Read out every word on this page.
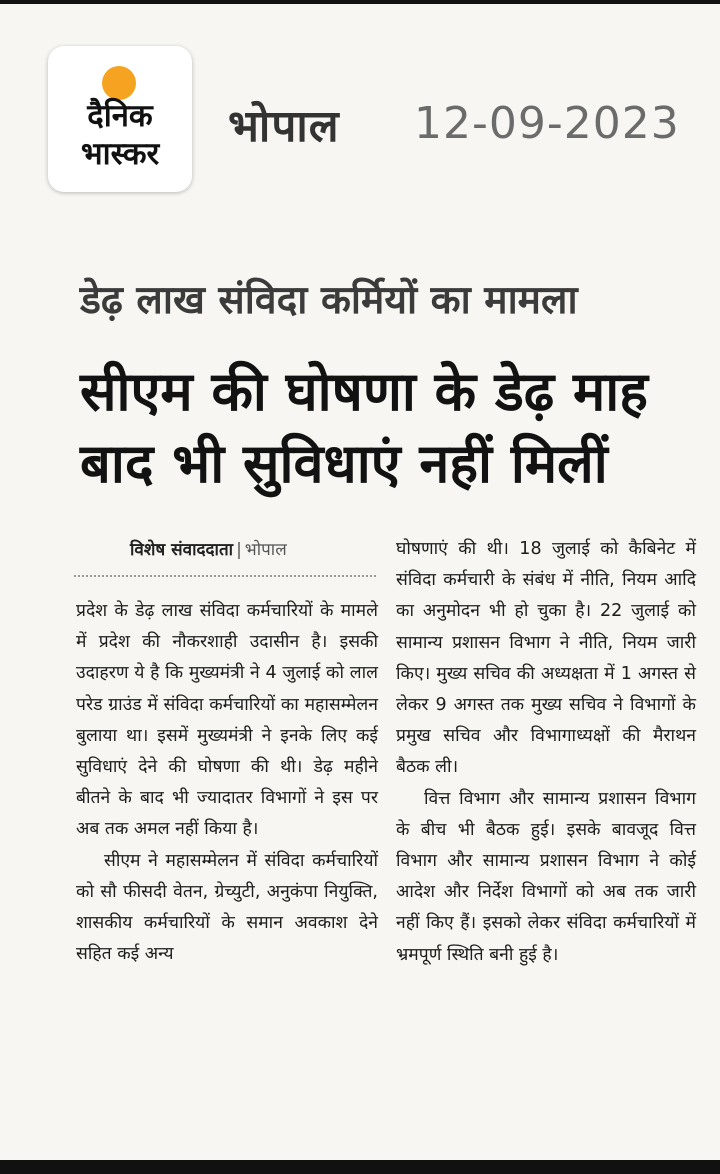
दैनिक
भास्कर
भोपाल 12-09-2023
डेढ़ लाख संविदा कर्मियों का मामला
सीएम की घोषणा के डेढ़ माह बाद भी सुविधाएं नहीं मिलीं
विशेष संवाददाता | भोपाल

प्रदेश के डेढ़ लाख संविदा कर्मचारियों के मामले में प्रदेश की नौकरशाही उदासीन है। इसकी उदाहरण ये है कि मुख्यमंत्री ने 4 जुलाई को लाल परेड ग्राउंड में संविदा कर्मचारियों का महासम्मेलन बुलाया था। इसमें मुख्यमंत्री ने इनके लिए कई सुविधाएं देने की घोषणा की थी। डेढ़ महीने बीतने के बाद भी ज्यादातर विभागों ने इस पर अब तक अमल नहीं किया है।

सीएम ने महासम्मेलन में संविदा कर्मचारियों को सौ फीसदी वेतन, ग्रेच्युटी, अनुकंपा नियुक्ति, शासकीय कर्मचारियों के समान अवकाश देने सहित कई अन्य

घोषणाएं की थी। 18 जुलाई को कैबिनेट में संविदा कर्मचारी के संबंध में नीति, नियम आदि का अनुमोदन भी हो चुका है। 22 जुलाई को सामान्य प्रशासन विभाग ने नीति, नियम जारी किए। मुख्य सचिव की अध्यक्षता में 1 अगस्त से लेकर 9 अगस्त तक मुख्य सचिव ने विभागों के प्रमुख सचिव और विभागाध्यक्षों की मैराथन बैठक ली।

वित्त विभाग और सामान्य प्रशासन विभाग के बीच भी बैठक हुई। इसके बावजूद वित्त विभाग और सामान्य प्रशासन विभाग ने कोई आदेश और निर्देश विभागों को अब तक जारी नहीं किए हैं। इसको लेकर संविदा कर्मचारियों में भ्रमपूर्ण स्थिति बनी हुई है।
